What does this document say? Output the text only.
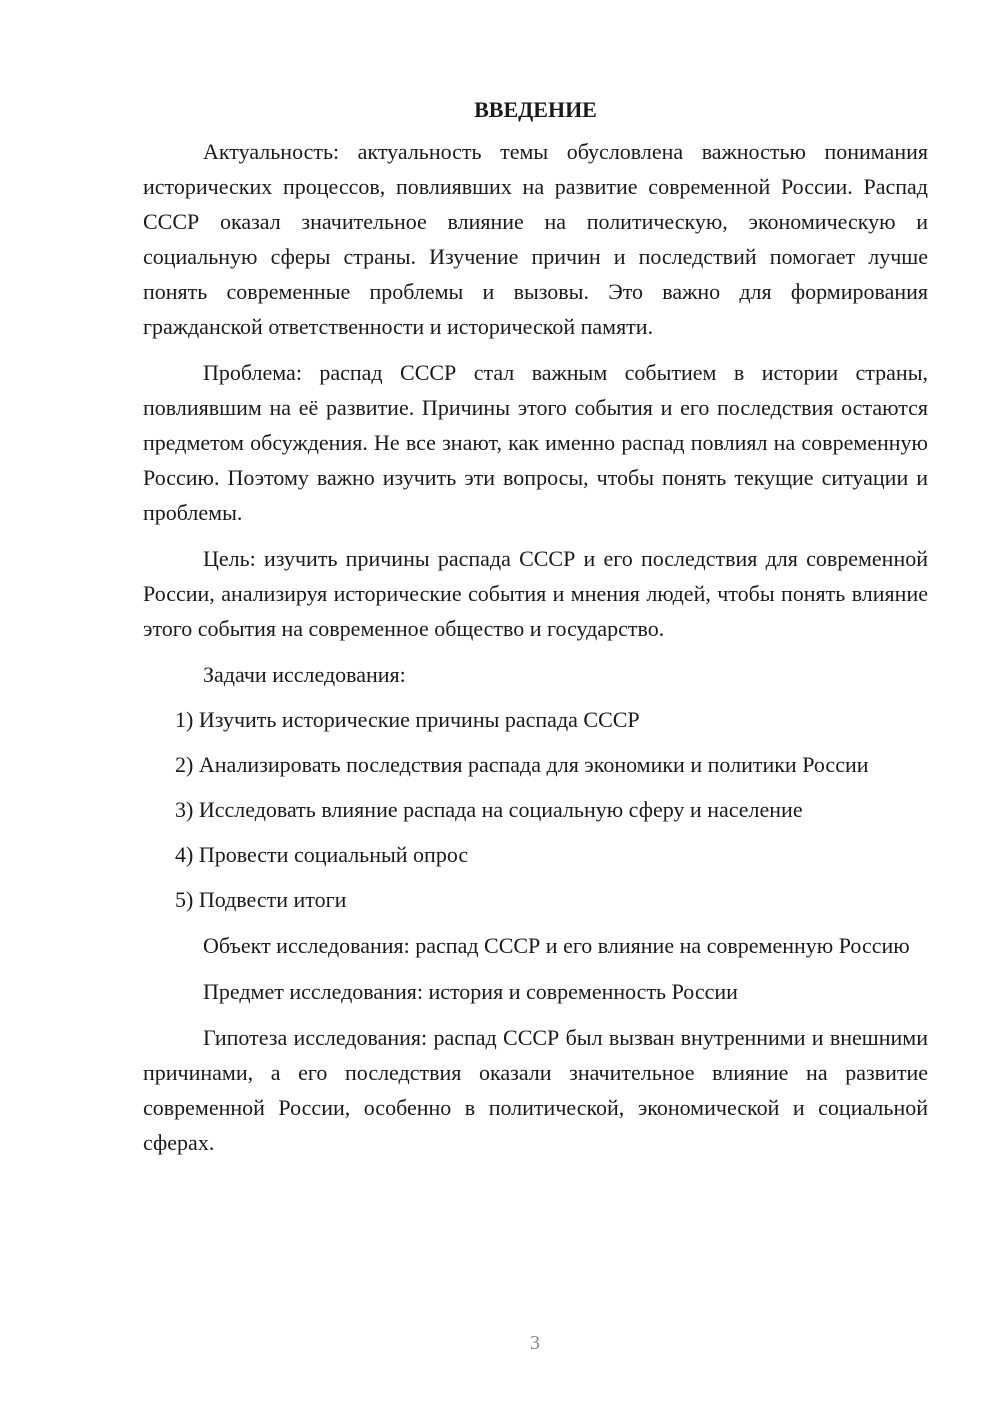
ВВЕДЕНИЕ

Актуальность: актуальность темы обусловлена важностью понимания исторических процессов, повлиявших на развитие современной России. Распад СССР оказал значительное влияние на политическую, экономическую и социальную сферы страны. Изучение причин и последствий помогает лучше понять современные проблемы и вызовы. Это важно для формирования гражданской ответственности и исторической памяти.

Проблема: распад СССР стал важным событием в истории страны, повлиявшим на её развитие. Причины этого события и его последствия остаются предметом обсуждения. Не все знают, как именно распад повлиял на современную Россию. Поэтому важно изучить эти вопросы, чтобы понять текущие ситуации и проблемы.

Цель: изучить причины распада СССР и его последствия для современной России, анализируя исторические события и мнения людей, чтобы понять влияние этого события на современное общество и государство.

Задачи исследования:

1) Изучить исторические причины распада СССР

2) Анализировать последствия распада для экономики и политики России

3) Исследовать влияние распада на социальную сферу и население

4) Провести социальный опрос

5) Подвести итоги

Объект исследования: распад СССР и его влияние на современную Россию

Предмет исследования: история и современность России

Гипотеза исследования: распад СССР был вызван внутренними и внешними причинами, а его последствия оказали значительное влияние на развитие современной России, особенно в политической, экономической и социальной сферах.

3
